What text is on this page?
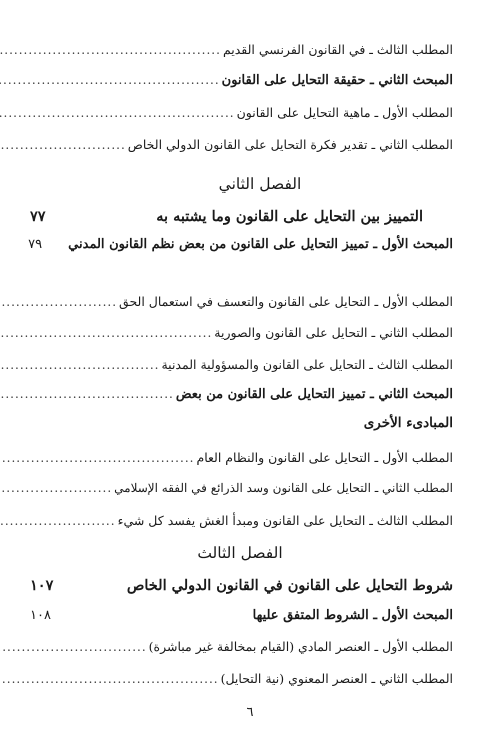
المطلب الثالث ـ في القانون الفرنسي القديم
.....
المبحث الثاني ـ حقيقة التحايل على القانون
.....
المطلب الأول ـ ماهية التحايل على القانون
.....
المطلب الثاني ـ تقدير فكرة التحايل على القانون الدولي الخاص
.....
الفصل الثاني
التمييز بين التحايل على القانون وما يشتبه به
٧٧
المبحث الأول ـ تمييز التحايل على القانون من بعض نظم القانون المدني
٧٩
المطلب الأول ـ التحايل على القانون والتعسف في استعمال الحق
.....
المطلب الثاني ـ التحايل على القانون والصورية
.....
المطلب الثالث ـ التحايل على القانون والمسؤولية المدنية
.....
المبحث الثاني ـ تمييز التحايل على القانون من بعض
.....
المبادىء الأخرى
المطلب الأول ـ التحايل على القانون والنظام العام
.....
المطلب الثاني ـ التحايل على القانون وسد الذرائع في الفقه الإسلامي
.....
المطلب الثالث ـ التحايل على القانون ومبدأ الغش يفسد كل شيء
.....
الفصل الثالث
شروط التحايل على القانون في القانون الدولي الخاص
١٠٧
المبحث الأول ـ الشروط المتفق عليها
١٠٨
المطلب الأول ـ العنصر المادي (القيام بمخالفة غير مباشرة)
.....
المطلب الثاني ـ العنصر المعنوي (نية التحايل)
.....
٦
